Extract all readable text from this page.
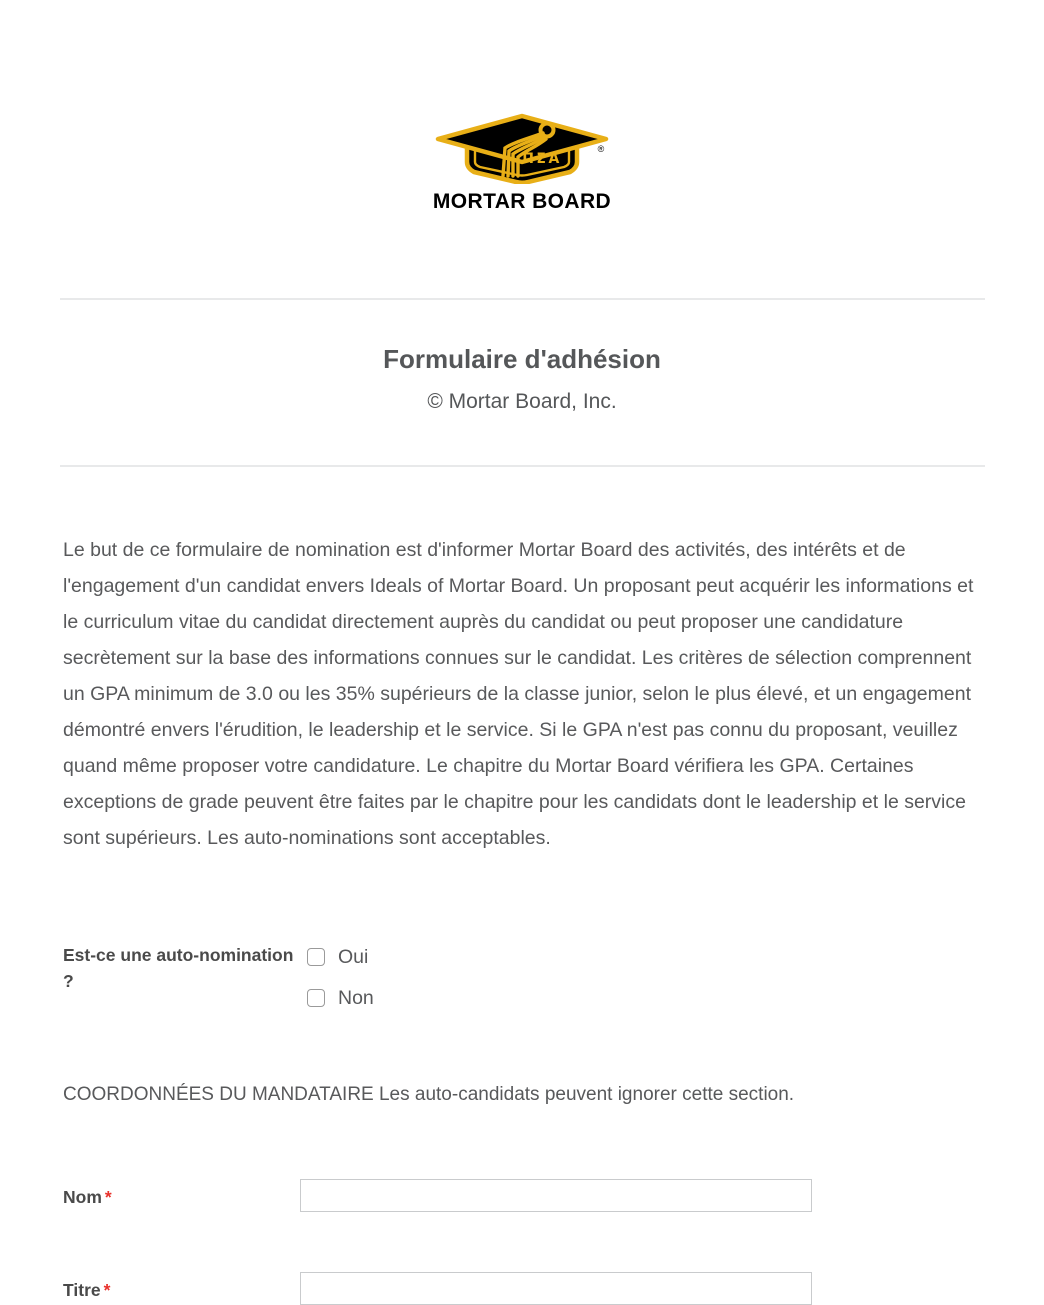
ΠΣΑ
®
MORTAR BOARD
Formulaire d'adhésion

© Mortar Board, Inc.

Le but de ce formulaire de nomination est d'informer Mortar Board des activités, des intérêts et de l'engagement d'un candidat envers Ideals of Mortar Board. Un proposant peut acquérir les informations et le curriculum vitae du candidat directement auprès du candidat ou peut proposer une candidature secrètement sur la base des informations connues sur le candidat. Les critères de sélection comprennent un GPA minimum de 3.0 ou les 35% supérieurs de la classe junior, selon le plus élevé, et un engagement démontré envers l'érudition, le leadership et le service. Si le GPA n'est pas connu du proposant, veuillez quand même proposer votre candidature. Le chapitre du Mortar Board vérifiera les GPA. Certaines exceptions de grade peuvent être faites par le chapitre pour les candidats dont le leadership et le service sont supérieurs. Les auto-nominations sont acceptables.

Est-ce une auto-nomination ?
Oui
Non
COORDONNÉES DU MANDATAIRE Les auto-candidats peuvent ignorer cette section.
Nom *
Titre *
